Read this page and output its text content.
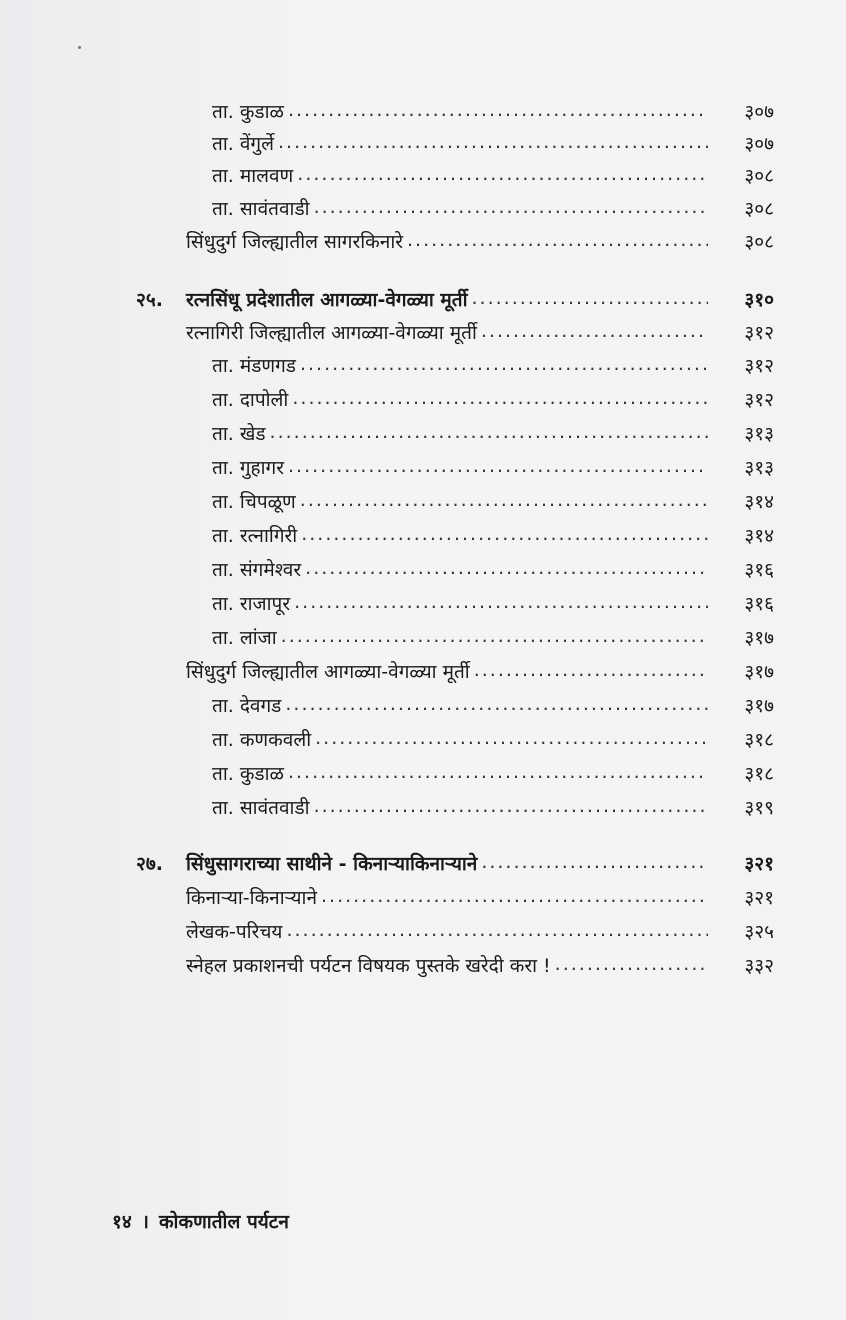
ता. कुडाळ .....	३०७
ता. वेंगुर्ले .....	३०७
ता. मालवण .....	३०८
ता. सावंतवाडी .....	३०८
सिंधुदुर्ग जिल्ह्यातील सागरकिनारे .....	३०८
२५.	रत्नसिंधू प्रदेशातील आगळ्या-वेगळ्या मूर्ती .....	३१०
रत्नागिरी जिल्ह्यातील आगळ्या-वेगळ्या मूर्ती .....	३१२
ता. मंडणगड .....	३१२
ता. दापोली .....	३१२
ता. खेड .....	३१३
ता. गुहागर .....	३१३
ता. चिपळूण .....	३१४
ता. रत्नागिरी .....	३१४
ता. संगमेश्वर .....	३१६
ता. राजापूर .....	३१६
ता. लांजा .....	३१७
सिंधुदुर्ग जिल्ह्यातील आगळ्या-वेगळ्या मूर्ती .....	३१७
ता. देवगड .....	३१७
ता. कणकवली .....	३१८
ता. कुडाळ .....	३१८
ता. सावंतवाडी .....	३१९
२७.	सिंधुसागराच्या साथीने - किनाऱ्याकिनाऱ्याने .....	३२१
किनाऱ्या-किनाऱ्याने .....	३२१
लेखक-परिचय .....	३२५
स्नेहल प्रकाशनची पर्यटन विषयक पुस्तके खरेदी करा ! .....	३३२
१४ । कोकणातील पर्यटन
